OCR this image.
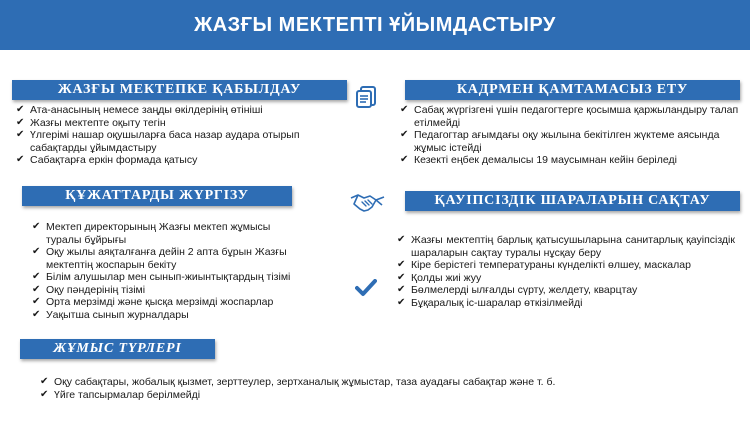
ЖАЗҒЫ МЕКТЕПТІ ҰЙЫМДАСТЫРУ
ЖАЗҒЫ МЕКТЕПКЕ ҚАБЫЛДАУ
✔ Ата-анасының немесе заңды өкілдерінің өтініші
✔ Жазғы мектепте оқыту тегін
✔ Үлгерімі нашар оқушыларға баса назар аудара отырып сабақтарды ұйымдастыру
✔ Сабақтарға еркін формада қатысу
КАДРМЕН ҚАМТАМАСЫЗ ЕТУ
✔ Сабақ жүргізгені үшін педагогтерге қосымша қаржыландыру талап етілмейді
✔ Педагогтар ағымдағы оқу жылына бекітілген жүктеме аясында жұмыс істейді
✔ Кезекті еңбек демалысы 19 маусымнан кейін беріледі
ҚҰЖАТТАРДЫ ЖҮРГІЗУ
✔ Мектеп директорының Жазғы мектеп жұмысы туралы бұйрығы
✔ Оқу жылы аяқталғанға дейін 2 апта бұрын Жазғы мектептің жоспарын бекіту
✔ Білім алушылар мен сынып-жиынтықтардың тізімі
✔ Оқу пәндерінің тізімі
✔ Орта мерзімді және қысқа мерзімді жоспарлар
✔ Уақытша сынып журналдары
ҚАУІПСІЗДІК ШАРАЛАРЫН САҚТАУ
✔ Жазғы мектептің барлық қатысушыларына санитарлық қауіпсіздік шараларын сақтау туралы нұсқау беру
✔ Кіре берістегі температураны күнделікті өлшеу, маскалар
✔ Қолды жиі жуу
✔ Бөлмелерді ылғалды сүрту, желдету, кварцтау
✔ Бұқаралық іс-шаралар өткізілмейді
ЖҰМЫС ТҮРЛЕРІ
✔ Оқу сабақтары, жобалық қызмет, зерттеулер, зертханалық жұмыстар, таза ауадағы сабақтар және т. б.
✔ Үйге тапсырмалар берілмейді
